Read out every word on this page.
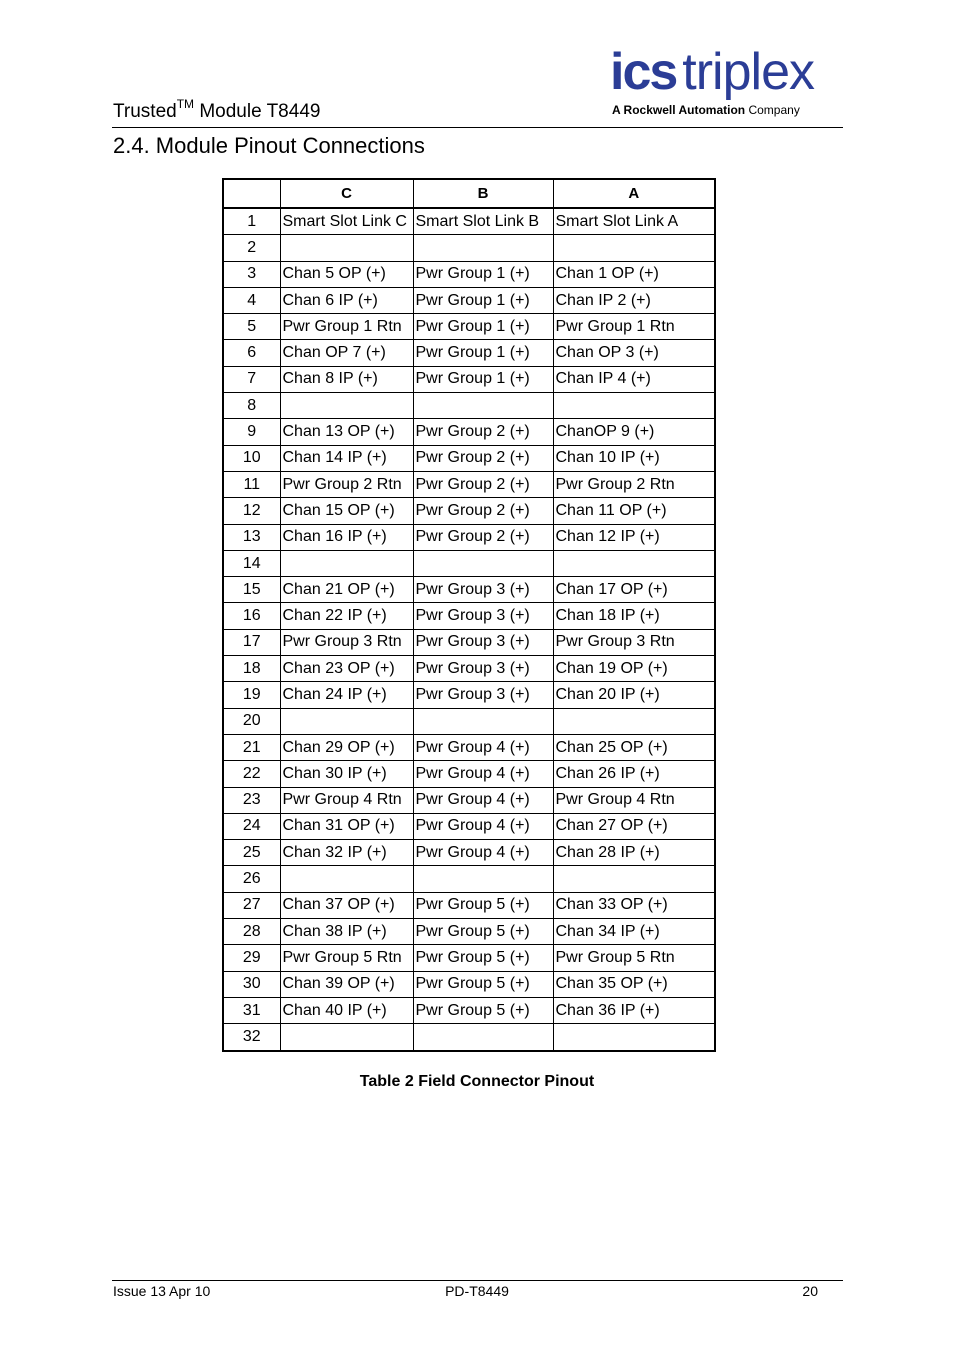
Trusted™ Module T8449
ics triplex
A Rockwell Automation Company
2.4. Module Pinout Connections
	C	B	A
1	Smart Slot Link C	Smart Slot Link B	Smart Slot Link A
2			
3	Chan 5 OP (+)	Pwr Group 1 (+)	Chan 1 OP (+)
4	Chan 6 IP (+)	Pwr Group 1 (+)	Chan IP 2 (+)
5	Pwr Group 1 Rtn	Pwr Group 1 (+)	Pwr Group 1 Rtn
6	Chan OP 7 (+)	Pwr Group 1 (+)	Chan OP 3 (+)
7	Chan 8 IP (+)	Pwr Group 1 (+)	Chan IP 4 (+)
8			
9	Chan 13 OP (+)	Pwr Group 2 (+)	ChanOP 9 (+)
10	Chan 14 IP (+)	Pwr Group 2 (+)	Chan 10 IP (+)
11	Pwr Group 2 Rtn	Pwr Group 2 (+)	Pwr Group 2 Rtn
12	Chan 15 OP (+)	Pwr Group 2 (+)	Chan 11 OP (+)
13	Chan 16 IP (+)	Pwr Group 2 (+)	Chan 12 IP (+)
14			
15	Chan 21 OP (+)	Pwr Group 3 (+)	Chan 17 OP (+)
16	Chan 22 IP (+)	Pwr Group 3 (+)	Chan 18 IP (+)
17	Pwr Group 3 Rtn	Pwr Group 3 (+)	Pwr Group 3 Rtn
18	Chan 23 OP (+)	Pwr Group 3 (+)	Chan 19 OP (+)
19	Chan 24 IP (+)	Pwr Group 3 (+)	Chan 20 IP (+)
20			
21	Chan 29 OP (+)	Pwr Group 4 (+)	Chan 25 OP (+)
22	Chan 30 IP (+)	Pwr Group 4 (+)	Chan 26 IP (+)
23	Pwr Group 4 Rtn	Pwr Group 4 (+)	Pwr Group 4 Rtn
24	Chan 31 OP (+)	Pwr Group 4 (+)	Chan 27 OP (+)
25	Chan 32 IP (+)	Pwr Group 4 (+)	Chan 28 IP (+)
26			
27	Chan 37 OP (+)	Pwr Group 5 (+)	Chan 33 OP (+)
28	Chan 38 IP (+)	Pwr Group 5 (+)	Chan 34 IP (+)
29	Pwr Group 5 Rtn	Pwr Group 5 (+)	Pwr Group 5 Rtn
30	Chan 39 OP (+)	Pwr Group 5 (+)	Chan 35 OP (+)
31	Chan 40 IP (+)	Pwr Group 5 (+)	Chan 36 IP (+)
32			
Table 2 Field Connector Pinout
Issue 13 Apr 10	PD-T8449	20
